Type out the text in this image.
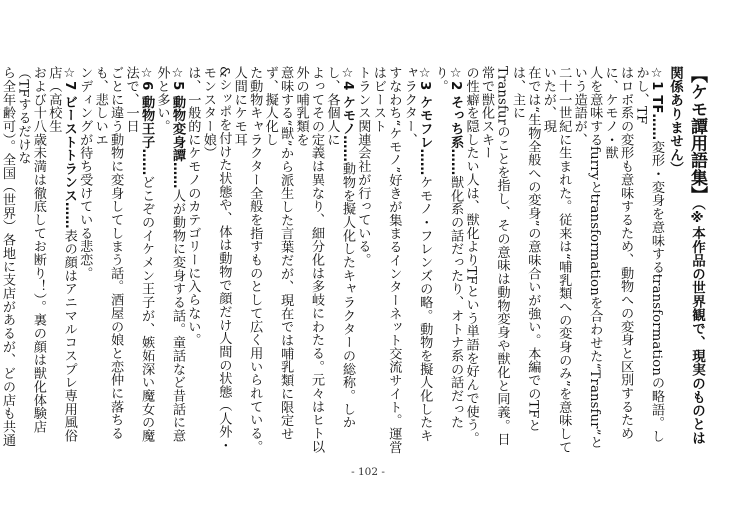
【ケモ譚用語集】（※本作品の世界観で、現実のものとは関係ありません）
☆1 TF……変形・変身を意味するtransformationの略語。しかし、TF
はロボ系の変形も意味するため、動物への変身と区別するために、ケモノ・獣
人を意味するfurryとtransformationを合わせた“Transfur”という造語が、
二十一世紀に生まれた。従来は“哺乳類への変身のみ”を意味していたが、現
在では“生物全般への変身”の意味合いが強い。本編でのTFとは、主に
Transfurのことを指し、その意味は動物変身や獣化と同義。日常で獣化スキー
の性癖を隠したい人は、獣化よりTFという単語を好んで使う。
☆2 そっち系……獣化系の話だったり、オトナ系の話だったり。
☆3 ケモフレ……ケモノ・フレンズの略。動物を擬人化したキャラクター、
すなわち“ケモノ”好きが集まるインターネット交流サイト。運営はビースト
トランス関連会社が行っている。
☆4 ケモノ……動物を擬人化したキャラクターの総称。しかし、各個人に
よってその定義は異なり、細分化は多岐にわたる。元々はヒト以外の哺乳類を
意味する“獣”から派生した言葉だが、現在では哺乳類に限定せず、擬人化し
た動物キャラクター全般を指すものとして広く用いられている。人間にケモ耳
&シッポを付けた状態や、体は動物で顔だけ人間の状態（人外・モンスター娘）
は、一般的にケモノのカテゴリーに入らない。
☆5 動物変身譚……人が動物に変身する話。童話など昔話に意外と多い。
☆6 動物王子……どこぞのイケメン王子が、嫉妬深い魔女の魔法で、一日
ごとに違う動物に変身してしまう話。酒屋の娘と恋仲に落ちるも、悲しいエ
ンディングが待ち受けている悲恋。
☆7 ビーストトランス……表の顔はアニマルコスプレ専用風俗店（高校生
および十八歳未満は徹底してお断り！）。裏の顔は獣化体験店（TFするだけな
ら全年齢可）。全国（世界）各地に支店があるが、どの店も共通
- 102 -
